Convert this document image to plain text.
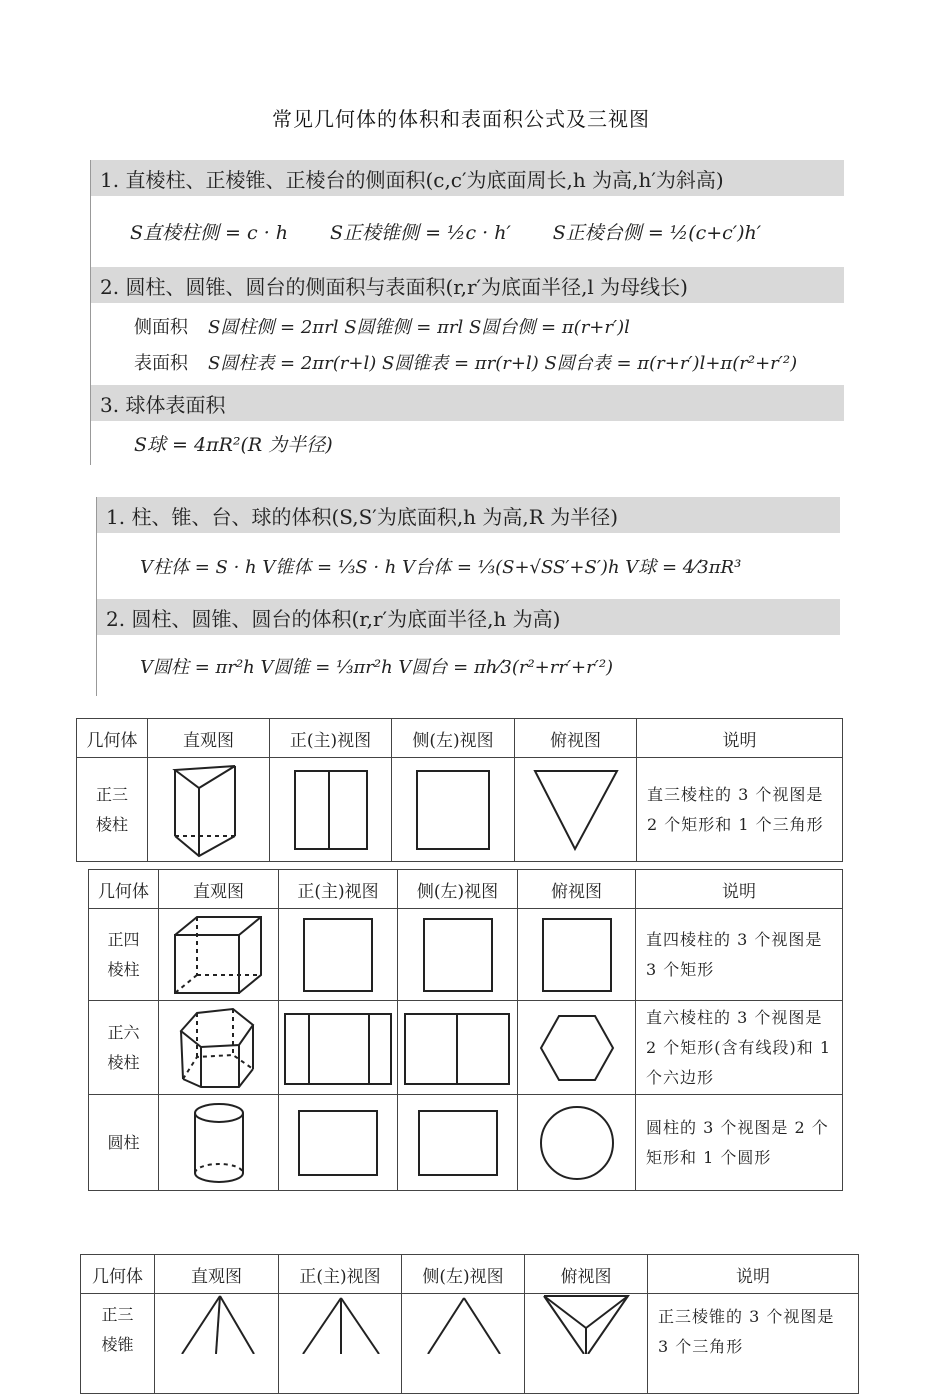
常见几何体的体积和表面积公式及三视图
1. 直棱柱、正棱锥、正棱台的侧面积(c,c′为底面周长,h 为高,h′为斜高)
S直棱柱侧 = c · h S正棱锥侧 = ½c · h′ S正棱台侧 = ½(c+c′)h′
2. 圆柱、圆锥、圆台的侧面积与表面积(r,r′为底面半径,l 为母线长)
侧面积 S圆柱侧 = 2πrl S圆锥侧 = πrl S圆台侧 = π(r+r′)l
表面积 S圆柱表 = 2πr(r+l) S圆锥表 = πr(r+l) S圆台表 = π(r+r′)l+π(r²+r′²)
3. 球体表面积
S球 = 4πR²(R 为半径)
1. 柱、锥、台、球的体积(S,S′为底面积,h 为高,R 为半径)
V柱体 = S · h V锥体 = ⅓S · h V台体 = ⅓(S+√SS′+S′)h V球 = 4⁄3πR³
2. 圆柱、圆锥、圆台的体积(r,r′为底面半径,h 为高)
V圆柱 = πr²h V圆锥 = ⅓πr²h V圆台 = πh⁄3(r²+rr′+r′²)
几何体	直观图	正(主)视图	侧(左)视图	俯视图	说明
正三
棱柱					直三棱柱的 3 个视图是 2 个矩形和 1 个三角形
几何体	直观图	正(主)视图	侧(左)视图	俯视图	说明
正四
棱柱					直四棱柱的 3 个视图是 3 个矩形
正六
棱柱					直六棱柱的 3 个视图是 2 个矩形(含有线段)和 1 个六边形
圆柱					圆柱的 3 个视图是 2 个矩形和 1 个圆形
几何体	直观图	正(主)视图	侧(左)视图	俯视图	说明
正三
棱锥					正三棱锥的 3 个视图是 3 个三角形
